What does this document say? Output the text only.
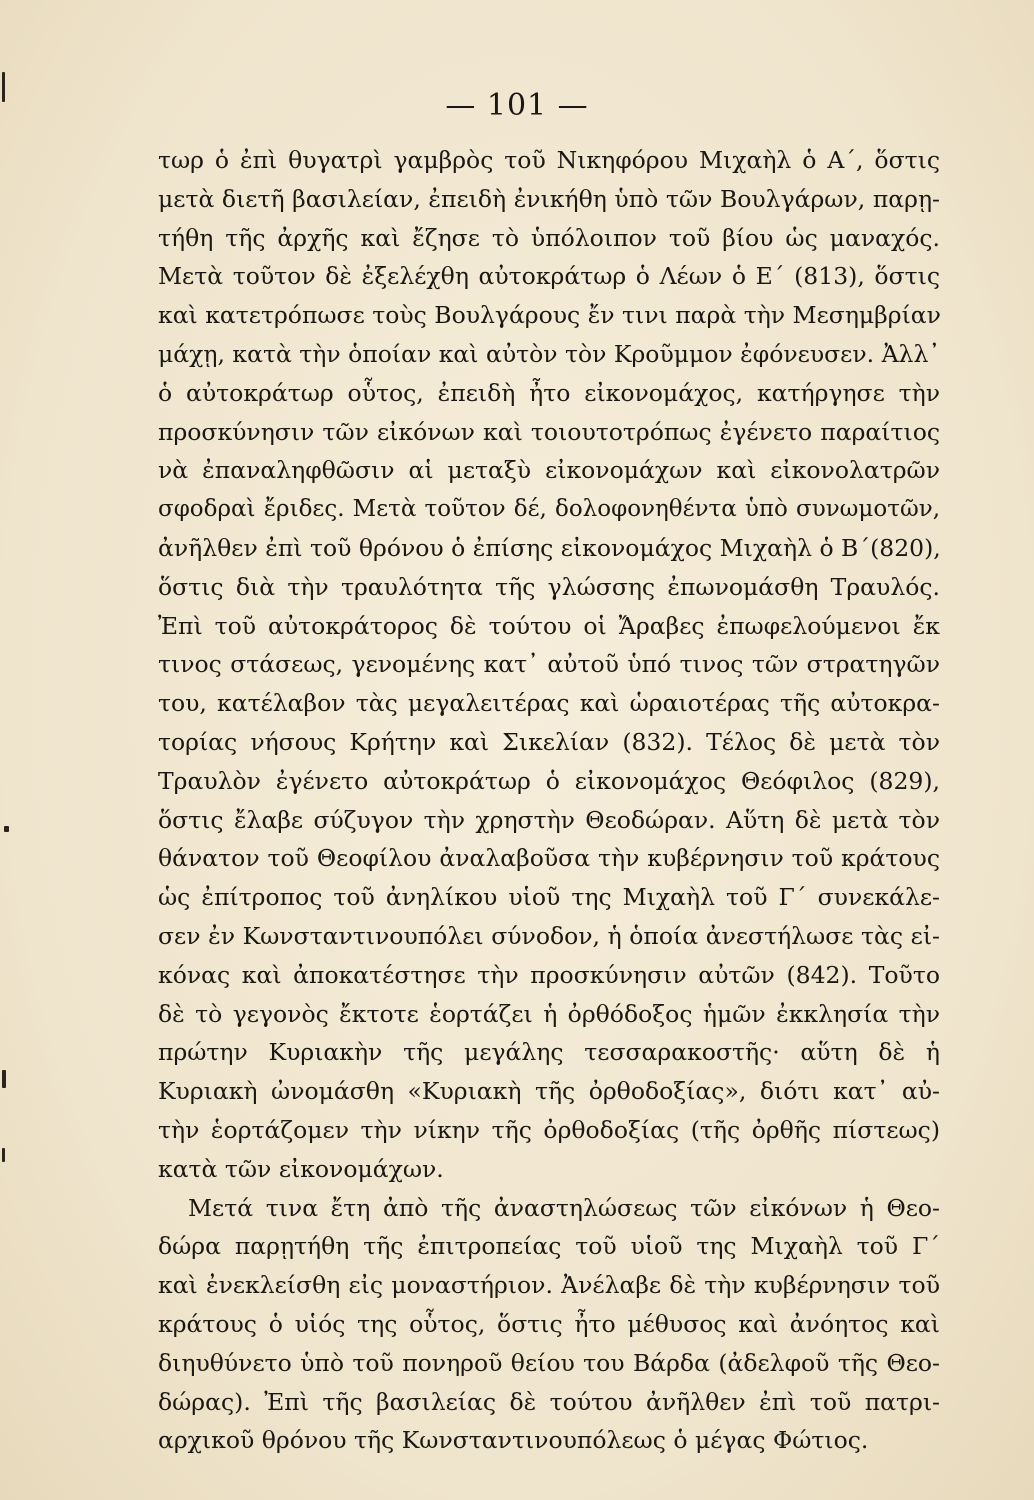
— 101 —
τωρ ὁ ἐπὶ θυγατρὶ γαμβρὸς τοῦ Νικηφόρου Μιχαὴλ ὁ Α΄, ὅστις
μετὰ διετῆ βασιλείαν, ἐπειδὴ ἐνικήθη ὑπὸ τῶν Βουλγάρων, παρῃ-
τήθη τῆς ἀρχῆς καὶ ἔζησε τὸ ὑπόλοιπον τοῦ βίου ὡς μαναχός.
Μετὰ τοῦτον δὲ ἐξελέχθη αὐτοκράτωρ ὁ Λέων ὁ Ε΄ (813), ὅστις
καὶ κατετρόπωσε τοὺς Βουλγάρους ἔν τινι παρὰ τὴν Μεσημβρίαν
μάχῃ, κατὰ τὴν ὁποίαν καὶ αὐτὸν τὸν Κροῦμμον ἐφόνευσεν. Ἀλλ᾿
ὁ αὐτοκράτωρ οὗτος, ἐπειδὴ ἦτο εἰκονομάχος, κατήργησε τὴν
προσκύνησιν τῶν εἰκόνων καὶ τοιουτοτρόπως ἐγένετο παραίτιος
νὰ ἐπαναληφθῶσιν αἱ μεταξὺ εἰκονομάχων καὶ εἰκονολατρῶν
σφοδραὶ ἔριδες. Μετὰ τοῦτον δέ, δολοφονηθέντα ὑπὸ συνωμοτῶν,
ἀνῆλθεν ἐπὶ τοῦ θρόνου ὁ ἐπίσης εἰκονομάχος Μιχαὴλ ὁ Β΄(820),
ὅστις διὰ τὴν τραυλότητα τῆς γλώσσης ἐπωνομάσθη Τραυλός.
Ἐπὶ τοῦ αὐτοκράτορος δὲ τούτου οἱ Ἄραβες ἐπωφελούμενοι ἔκ
τινος στάσεως, γενομένης κατ᾿ αὐτοῦ ὑπό τινος τῶν στρατηγῶν
του, κατέλαβον τὰς μεγαλειτέρας καὶ ὡραιοτέρας τῆς αὐτοκρα-
τορίας νήσους Κρήτην καὶ Σικελίαν (832). Τέλος δὲ μετὰ τὸν
Τραυλὸν ἐγένετο αὐτοκράτωρ ὁ εἰκονομάχος Θεόφιλος (829),
ὅστις ἔλαβε σύζυγον τὴν χρηστὴν Θεοδώραν. Αὕτη δὲ μετὰ τὸν
θάνατον τοῦ Θεοφίλου ἀναλαβοῦσα τὴν κυβέρνησιν τοῦ κράτους
ὡς ἐπίτροπος τοῦ ἀνηλίκου υἱοῦ της Μιχαὴλ τοῦ Γ΄ συνεκάλε-
σεν ἐν Κωνσταντινουπόλει σύνοδον, ἡ ὁποία ἀνεστήλωσε τὰς εἰ-
κόνας καὶ ἀποκατέστησε τὴν προσκύνησιν αὐτῶν (842). Τοῦτο
δὲ τὸ γεγονὸς ἔκτοτε ἑορτάζει ἡ ὀρθόδοξος ἡμῶν ἐκκλησία τὴν
πρώτην Κυριακὴν τῆς μεγάλης τεσσαρακοστῆς· αὕτη δὲ ἡ
Κυριακὴ ὠνομάσθη «Κυριακὴ τῆς ὀρθοδοξίας», διότι κατ᾿ αὐ-
τὴν ἑορτάζομεν τὴν νίκην τῆς ὀρθοδοξίας (τῆς ὀρθῆς πίστεως)
κατὰ τῶν εἰκονομάχων.
Μετά τινα ἔτη ἀπὸ τῆς ἀναστηλώσεως τῶν εἰκόνων ἡ Θεο-
δώρα παρῃτήθη τῆς ἐπιτροπείας τοῦ υἱοῦ της Μιχαὴλ τοῦ Γ΄
καὶ ἐνεκλείσθη εἰς μοναστήριον. Ἀνέλαβε δὲ τὴν κυβέρνησιν τοῦ
κράτους ὁ υἱός της οὗτος, ὅστις ἦτο μέθυσος καὶ ἀνόητος καὶ
διηυθύνετο ὑπὸ τοῦ πονηροῦ θείου του Βάρδα (ἀδελφοῦ τῆς Θεο-
δώρας). Ἐπὶ τῆς βασιλείας δὲ τούτου ἀνῆλθεν ἐπὶ τοῦ πατρι-
αρχικοῦ θρόνου τῆς Κωνσταντινουπόλεως ὁ μέγας Φώτιος.
